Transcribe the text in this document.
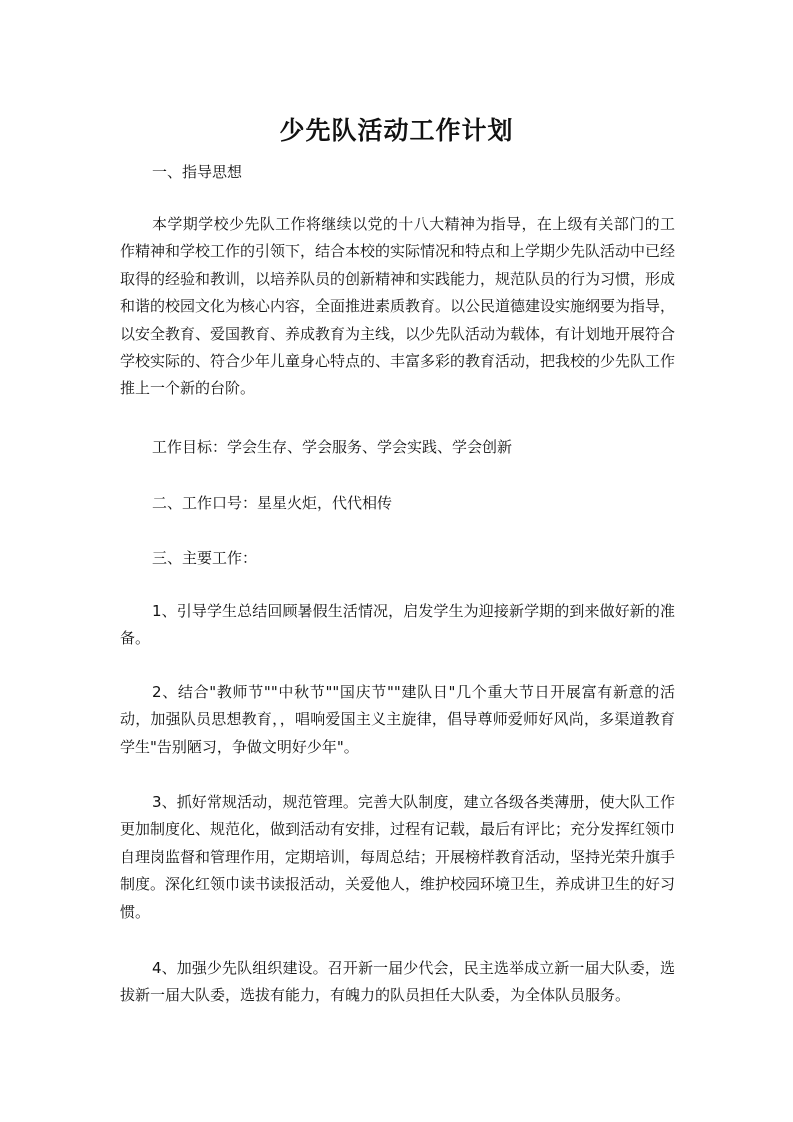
少先队活动工作计划
一、指导思想
本学期学校少先队工作将继续以党的十八大精神为指导，在上级有关部门的工作精神和学校工作的引领下，结合本校的实际情况和特点和上学期少先队活动中已经取得的经验和教训，以培养队员的创新精神和实践能力，规范队员的行为习惯，形成和谐的校园文化为核心内容，全面推进素质教育。以公民道德建设实施纲要为指导，以安全教育、爱国教育、养成教育为主线，以少先队活动为载体，有计划地开展符合学校实际的、符合少年儿童身心特点的、丰富多彩的教育活动，把我校的少先队工作推上一个新的台阶。
工作目标：学会生存、学会服务、学会实践、学会创新
二、工作口号：星星火炬，代代相传
三、主要工作：
1、引导学生总结回顾暑假生活情况，启发学生为迎接新学期的到来做好新的准备。
2、结合"教师节""中秋节""国庆节""建队日"几个重大节日开展富有新意的活动，加强队员思想教育，，唱响爱国主义主旋律，倡导尊师爱师好风尚，多渠道教育学生"告别陋习，争做文明好少年"。
3、抓好常规活动，规范管理。完善大队制度，建立各级各类薄册，使大队工作更加制度化、规范化，做到活动有安排，过程有记载，最后有评比；充分发挥红领巾自理岗监督和管理作用，定期培训，每周总结；开展榜样教育活动，坚持光荣升旗手制度。深化红领巾读书读报活动，关爱他人，维护校园环境卫生，养成讲卫生的好习惯。
4、加强少先队组织建设。召开新一届少代会，民主选举成立新一届大队委，选拔新一届大队委，选拔有能力，有魄力的队员担任大队委，为全体队员服务。
